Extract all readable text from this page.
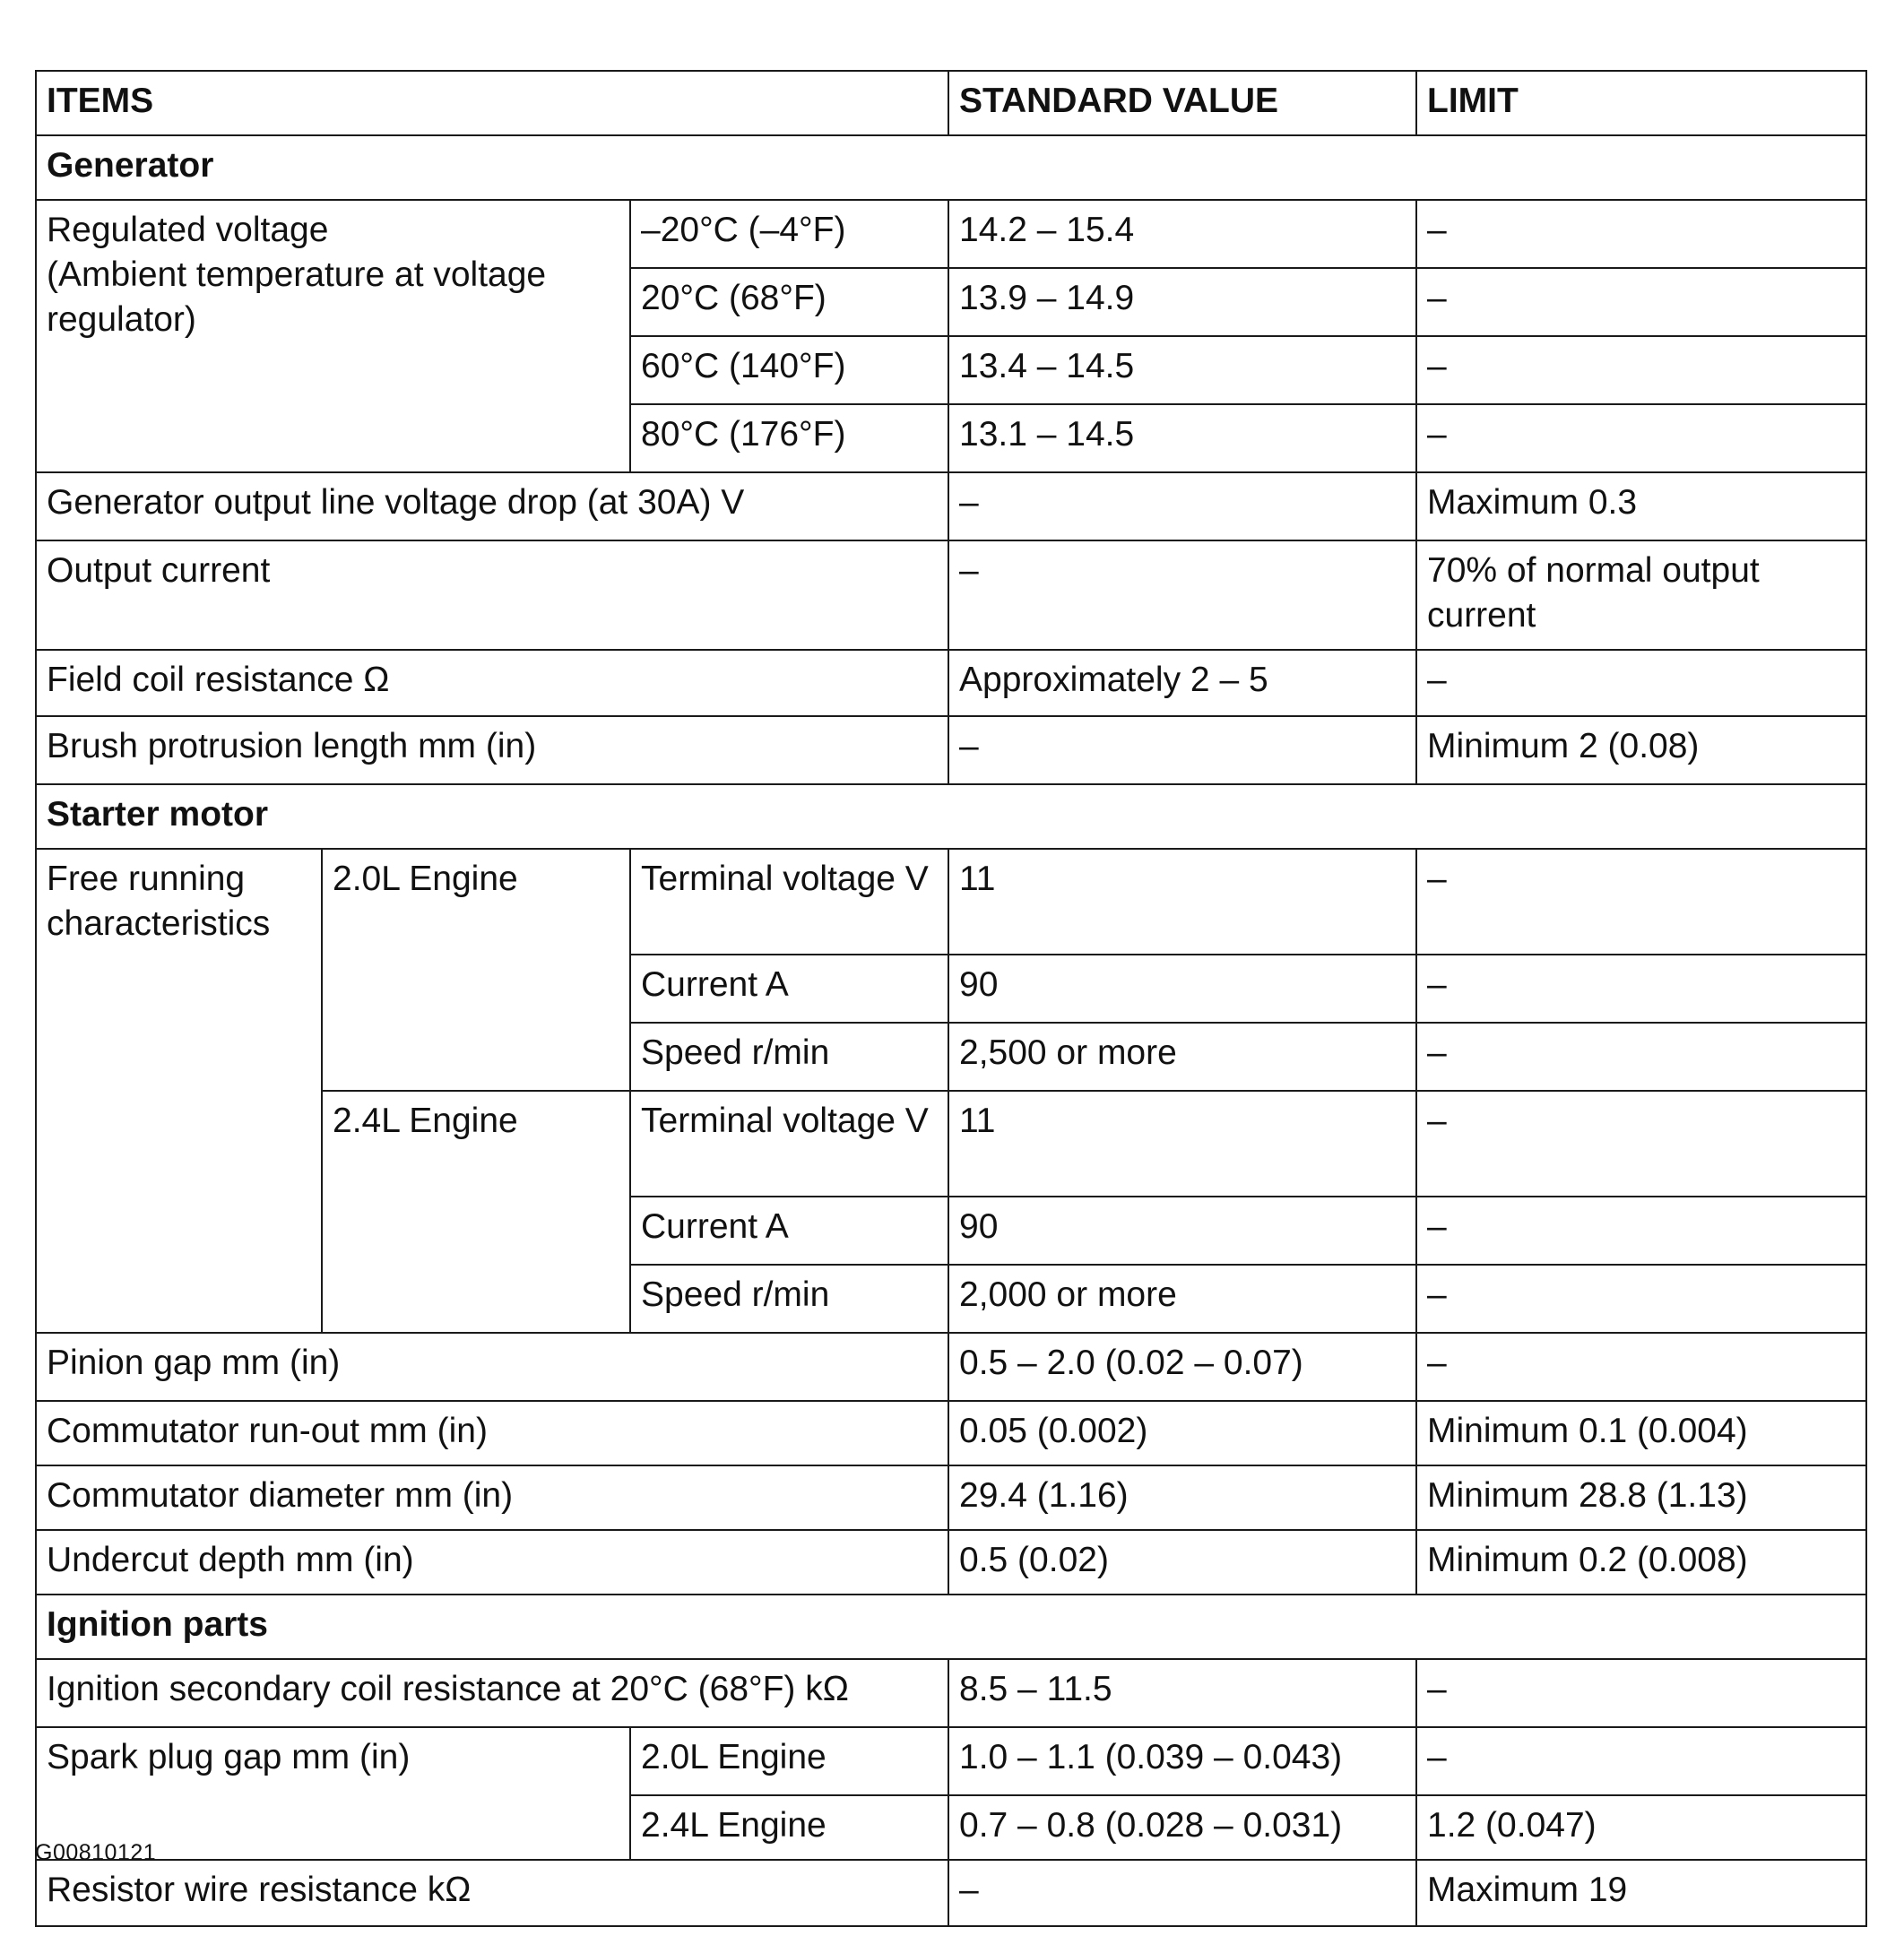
ITEMS			STANDARD VALUE	LIMIT
Generator				
Regulated voltage
(Ambient temperature at voltage regulator)		–20°C (–4°F)	14.2 – 15.4	–
		20°C (68°F)	13.9 – 14.9	–
		60°C (140°F)	13.4 – 14.5	–
		80°C (176°F)	13.1 – 14.5	–
Generator output line voltage drop (at 30A) V			–	Maximum 0.3
Output current			–	70% of normal output current
Field coil resistance Ω			Approximately 2 – 5	–
Brush protrusion length mm (in)			–	Minimum 2 (0.08)
Starter motor				
Free running characteristics	2.0L Engine	Terminal voltage V	11	–
		Current A	90	–
		Speed r/min	2,500 or more	–
	2.4L Engine	Terminal voltage V	11	–
		Current A	90	–
		Speed r/min	2,000 or more	–
Pinion gap mm (in)			0.5 – 2.0 (0.02 – 0.07)	–
Commutator run-out mm (in)			0.05 (0.002)	Minimum 0.1 (0.004)
Commutator diameter mm (in)			29.4 (1.16)	Minimum 28.8 (1.13)
Undercut depth mm (in)			0.5 (0.02)	Minimum 0.2 (0.008)
Ignition parts				
Ignition secondary coil resistance at 20°C (68°F) kΩ			8.5 – 11.5	–
Spark plug gap mm (in)		2.0L Engine	1.0 – 1.1 (0.039 – 0.043)	–
		2.4L Engine	0.7 – 0.8 (0.028 – 0.031)	1.2 (0.047)
Resistor wire resistance kΩ			–	Maximum 19
G00810121
